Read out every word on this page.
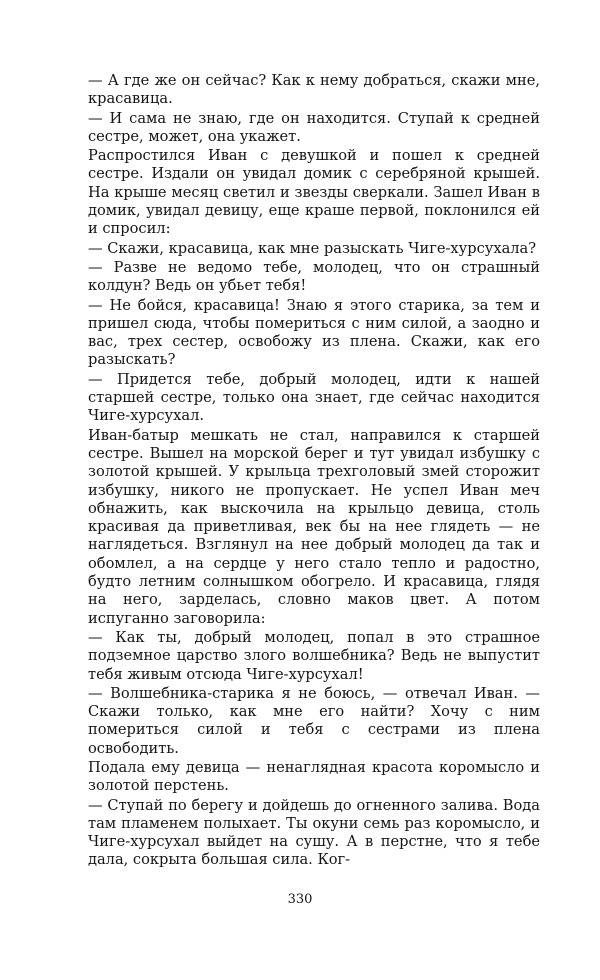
— А где же он сейчас? Как к нему добраться, скажи мне, красавица.

— И сама не знаю, где он находится. Ступай к средней сестре, может, она укажет.

Распростился Иван с девушкой и пошел к средней сестре. Издали он увидал домик с серебряной крышей. На крыше месяц светил и звезды сверкали. Зашел Иван в домик, увидал девицу, еще краше первой, поклонился ей и спросил:

— Скажи, красавица, как мне разыскать Чиге-хурсухала?

— Разве не ведомо тебе, молодец, что он страшный колдун? Ведь он убьет тебя!

— Не бойся, красавица! Знаю я этого старика, за тем и пришел сюда, чтобы помериться с ним силой, а заодно и вас, трех сестер, освобожу из плена. Скажи, как его разыскать?

— Придется тебе, добрый молодец, идти к нашей старшей сестре, только она знает, где сейчас находится Чиге-хурсухал.

Иван-батыр мешкать не стал, направился к старшей сестре. Вышел на морской берег и тут увидал избушку с золотой крышей. У крыльца трехголовый змей сторожит избушку, никого не пропускает. Не успел Иван меч обнажить, как выскочила на крыльцо девица, столь красивая да приветливая, век бы на нее глядеть — не наглядеться. Взглянул на нее добрый молодец да так и обомлел, а на сердце у него стало тепло и радостно, будто летним солнышком обогрело. И красавица, глядя на него, зарделась, словно маков цвет. А потом испуганно заговорила:

— Как ты, добрый молодец, попал в это страшное подземное царство злого волшебника? Ведь не выпустит тебя живым отсюда Чиге-хурсухал!

— Волшебника-старика я не боюсь, — отвечал Иван. — Скажи только, как мне его найти? Хочу с ним помериться силой и тебя с сестрами из плена освободить.

Подала ему девица — ненаглядная красота коромысло и золотой перстень.

— Ступай по берегу и дойдешь до огненного залива. Вода там пламенем полыхает. Ты окуни семь раз коромысло, и Чиге-хурсухал выйдет на сушу. А в перстне, что я тебе дала, сокрыта большая сила. Ког-

330
